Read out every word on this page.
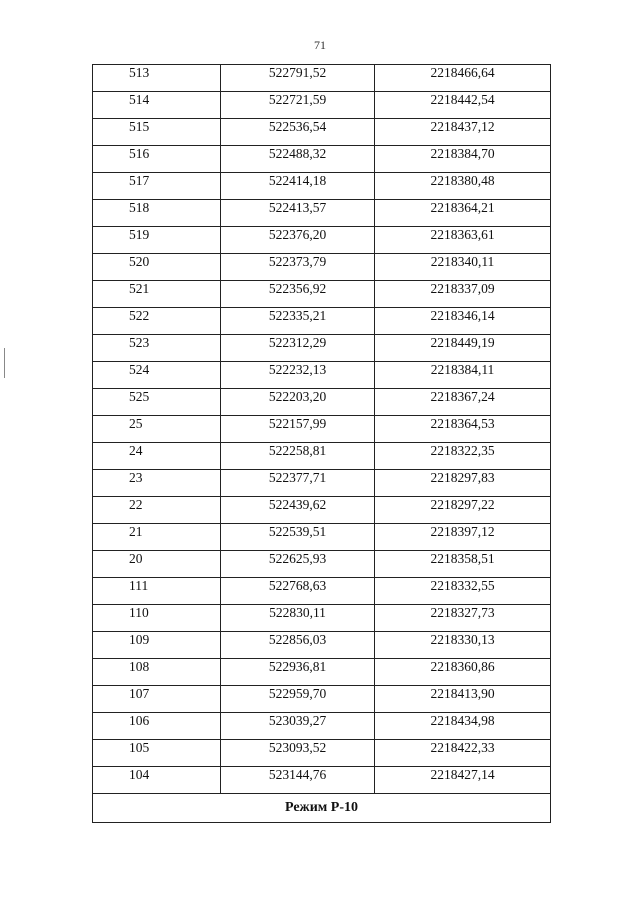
71
513	522791,52	2218466,64
514	522721,59	2218442,54
515	522536,54	2218437,12
516	522488,32	2218384,70
517	522414,18	2218380,48
518	522413,57	2218364,21
519	522376,20	2218363,61
520	522373,79	2218340,11
521	522356,92	2218337,09
522	522335,21	2218346,14
523	522312,29	2218449,19
524	522232,13	2218384,11
525	522203,20	2218367,24
25	522157,99	2218364,53
24	522258,81	2218322,35
23	522377,71	2218297,83
22	522439,62	2218297,22
21	522539,51	2218397,12
20	522625,93	2218358,51
111	522768,63	2218332,55
110	522830,11	2218327,73
109	522856,03	2218330,13
108	522936,81	2218360,86
107	522959,70	2218413,90
106	523039,27	2218434,98
105	523093,52	2218422,33
104	523144,76	2218427,14
Режим Р-10		
